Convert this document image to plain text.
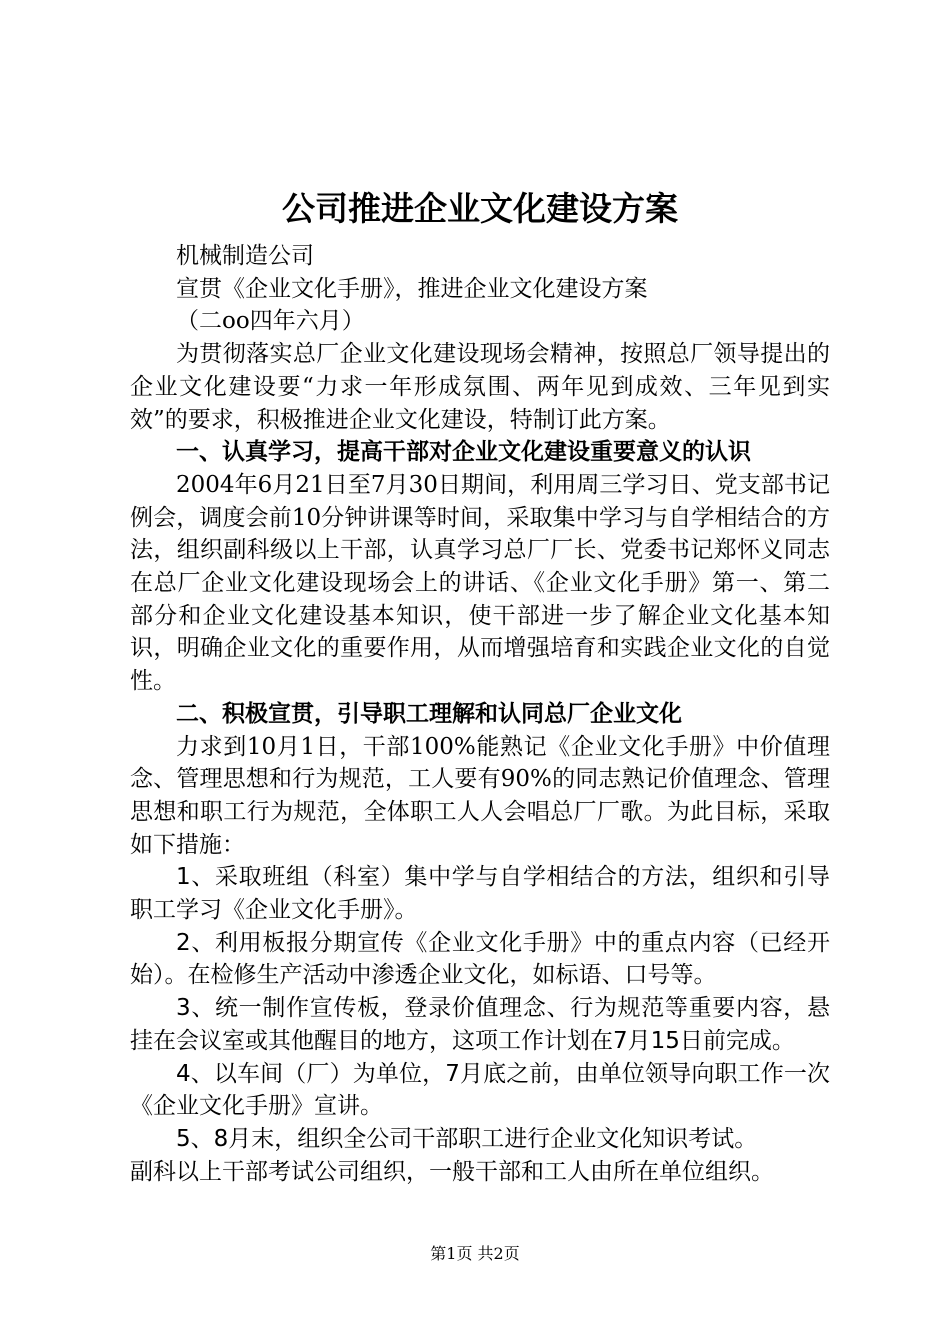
公司推进企业文化建设方案

机械制造公司

宣贯《企业文化手册》，推进企业文化建设方案

（二oo四年六月）

为贯彻落实总厂企业文化建设现场会精神，按照总厂领导提出的企业文化建设要“力求一年形成氛围、两年见到成效、三年见到实效”的要求，积极推进企业文化建设，特制订此方案。

一、认真学习，提高干部对企业文化建设重要意义的认识

2004年6月21日至7月30日期间，利用周三学习日、党支部书记例会，调度会前10分钟讲课等时间，采取集中学习与自学相结合的方法，组织副科级以上干部，认真学习总厂厂长、党委书记郑怀义同志在总厂企业文化建设现场会上的讲话、《企业文化手册》第一、第二部分和企业文化建设基本知识，使干部进一步了解企业文化基本知识，明确企业文化的重要作用，从而增强培育和实践企业文化的自觉性。

二、积极宣贯，引导职工理解和认同总厂企业文化

力求到10月1日，干部100%能熟记《企业文化手册》中价值理念、管理思想和行为规范，工人要有90%的同志熟记价值理念、管理思想和职工行为规范，全体职工人人会唱总厂厂歌。为此目标，采取如下措施：

1、采取班组（科室）集中学与自学相结合的方法，组织和引导职工学习《企业文化手册》。

2、利用板报分期宣传《企业文化手册》中的重点内容（已经开始）。在检修生产活动中渗透企业文化，如标语、口号等。

3、统一制作宣传板，登录价值理念、行为规范等重要内容，悬挂在会议室或其他醒目的地方，这项工作计划在7月15日前完成。

4、以车间（厂）为单位，7月底之前，由单位领导向职工作一次《企业文化手册》宣讲。

5、8月末，组织全公司干部职工进行企业文化知识考试。

副科以上干部考试公司组织，一般干部和工人由所在单位组织。

第1页 共2页
